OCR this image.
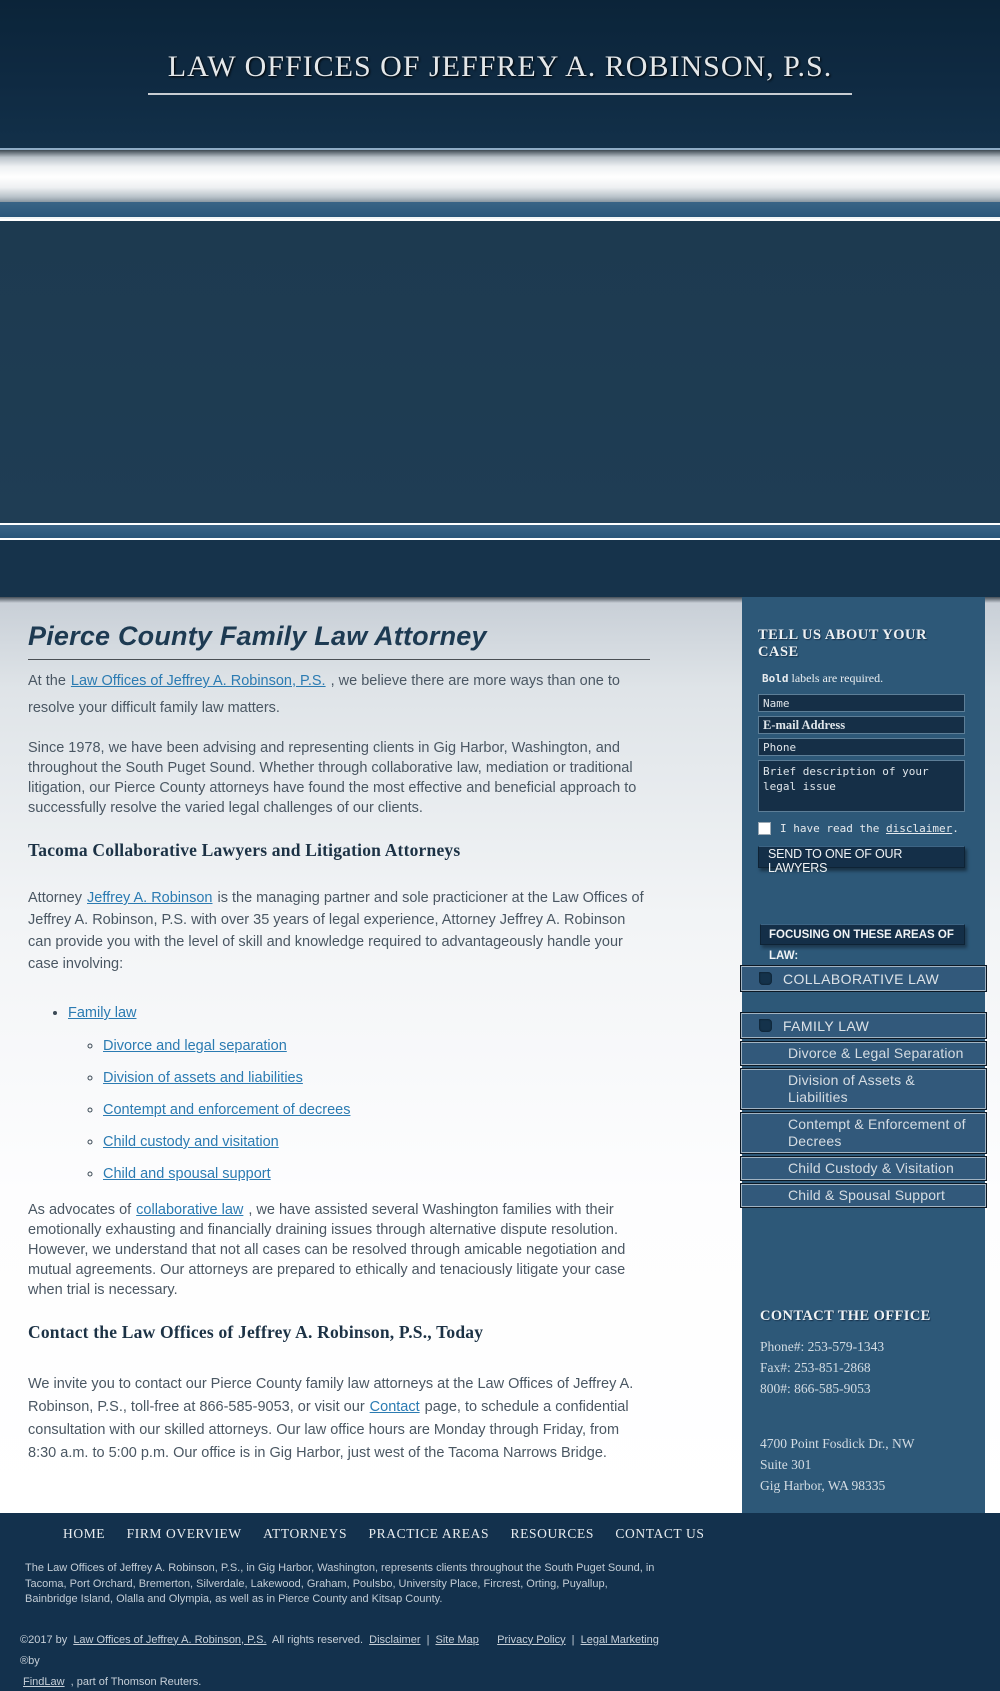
LAW OFFICES OF JEFFREY A. ROBINSON, P.S.
Pierce County Family Law Attorney

At the Law Offices of Jeffrey A. Robinson, P.S. , we believe there are more ways than one to resolve your difficult family law matters.

Since 1978, we have been advising and representing clients in Gig Harbor, Washington, and throughout the South Puget Sound. Whether through collaborative law, mediation or traditional litigation, our Pierce County attorneys have found the most effective and beneficial approach to successfully resolve the varied legal challenges of our clients.

Tacoma Collaborative Lawyers and Litigation Attorneys

Attorney Jeffrey A. Robinson is the managing partner and sole practicioner at the Law Offices of Jeffrey A. Robinson, P.S. with over 35 years of legal experience, Attorney Jeffrey A. Robinson can provide you with the level of skill and knowledge required to advantageously handle your case involving:

• Family law
◦ Divorce and legal separation
◦ Division of assets and liabilities
◦ Contempt and enforcement of decrees
◦ Child custody and visitation
◦ Child and spousal support

As advocates of collaborative law , we have assisted several Washington families with their emotionally exhausting and financially draining issues through alternative dispute resolution. However, we understand that not all cases can be resolved through amicable negotiation and mutual agreements. Our attorneys are prepared to ethically and tenaciously litigate your case when trial is necessary.

Contact the Law Offices of Jeffrey A. Robinson, P.S., Today

We invite you to contact our Pierce County family law attorneys at the Law Offices of Jeffrey A. Robinson, P.S., toll-free at 866-585-9053, or visit our Contact page, to schedule a confidential consultation with our skilled attorneys. Our law office hours are Monday through Friday, from 8:30 a.m. to 5:00 p.m. Our office is in Gig Harbor, just west of the Tacoma Narrows Bridge.

TELL US ABOUT YOUR CASE
Bold labels are required.
Name
E-mail Address
Phone
Brief description of your legal issue
I have read the disclaimer.
SEND TO ONE OF OUR LAWYERS
FOCUSING ON THESE AREAS OF LAW:
COLLABORATIVE LAW
FAMILY LAW
Divorce & Legal Separation
Division of Assets & Liabilities
Contempt & Enforcement of Decrees
Child Custody & Visitation
Child & Spousal Support
CONTACT THE OFFICE
Phone#: 253-579-1343
Fax#: 253-851-2868
800#: 866-585-9053
4700 Point Fosdick Dr., NW
Suite 301
Gig Harbor, WA 98335
HOME FIRM OVERVIEW ATTORNEYS PRACTICE AREAS RESOURCES CONTACT US

The Law Offices of Jeffrey A. Robinson, P.S., in Gig Harbor, Washington, represents clients throughout the South Puget Sound, in Tacoma, Port Orchard, Bremerton, Silverdale, Lakewood, Graham, Poulsbo, University Place, Fircrest, Orting, Puyallup, Bainbridge Island, Olalla and Olympia, as well as in Pierce County and Kitsap County.

©2017 by Law Offices of Jeffrey A. Robinson, P.S. All rights reserved. Disclaimer | Site Map Privacy Policy | Legal Marketing ®by
FindLaw , part of Thomson Reuters.
